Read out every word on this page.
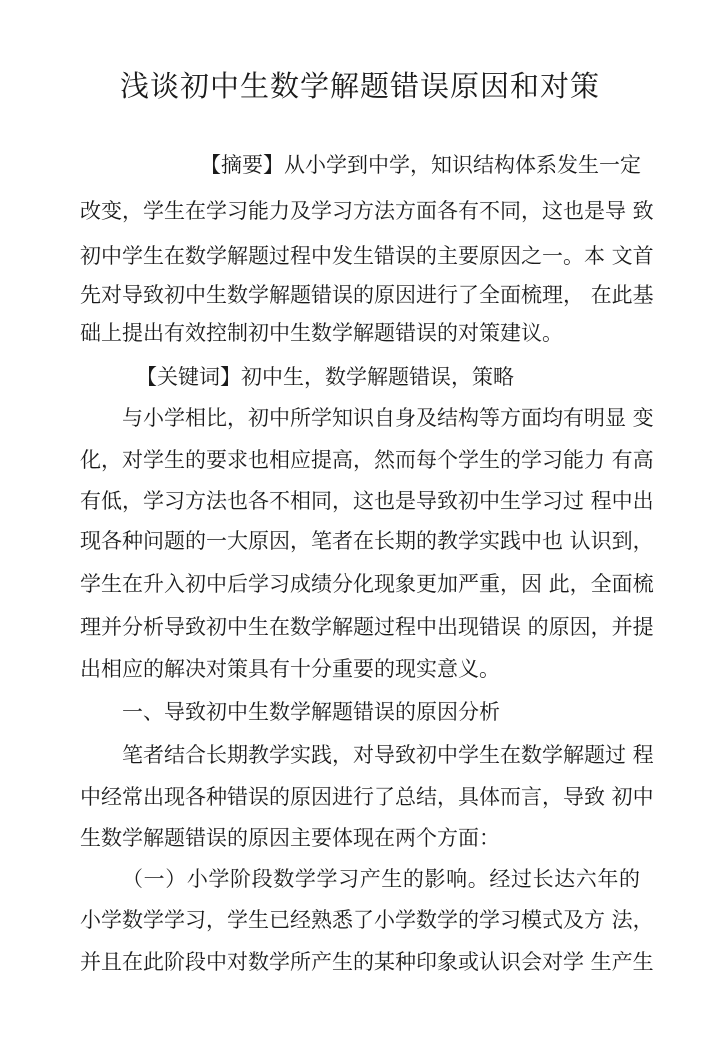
浅谈初中生数学解题错误原因和对策
【摘要】从小学到中学，知识结构体系发生一定
改变，学生在学习能力及学习方法方面各有不同，这也是导 致
初中学生在数学解题过程中发生错误的主要原因之一。本 文首
先对导致初中生数学解题错误的原因进行了全面梳理， 在此基
础上提出有效控制初中生数学解题错误的对策建议。
【关键词】初中生，数学解题错误，策略
与小学相比，初中所学知识自身及结构等方面均有明显 变
化，对学生的要求也相应提高，然而每个学生的学习能力 有高
有低，学习方法也各不相同，这也是导致初中生学习过 程中出
现各种问题的一大原因，笔者在长期的教学实践中也 认识到，
学生在升入初中后学习成绩分化现象更加严重，因 此，全面梳
理并分析导致初中生在数学解题过程中出现错误 的原因，并提
出相应的解决对策具有十分重要的现实意义。
一、导致初中生数学解题错误的原因分析
笔者结合长期教学实践，对导致初中学生在数学解题过 程
中经常出现各种错误的原因进行了总结，具体而言，导致 初中
生数学解题错误的原因主要体现在两个方面：
（一）小学阶段数学学习产生的影响。经过长达六年的
小学数学学习，学生已经熟悉了小学数学的学习模式及方 法，
并且在此阶段中对数学所产生的某种印象或认识会对学 生产生
